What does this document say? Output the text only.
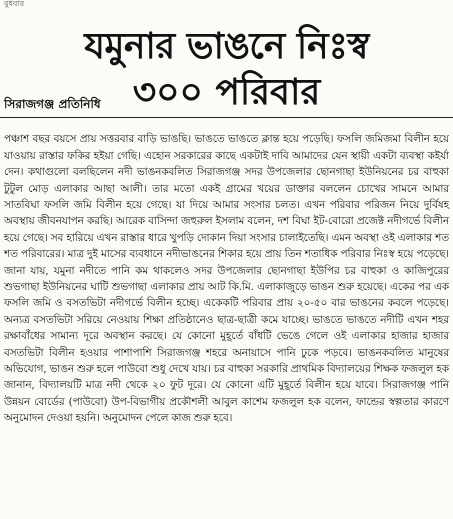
বুধবার
যমুনার ভাঙনে নিঃস্ব
৩০০ পরিবার
সিরাজগঞ্জ প্রতিনিধি

পঞ্চাশ বছর বয়সে প্রায় সত্তরবার বাড়ি ভাঙছি। ভাঙতে ভাঙতে ক্লান্ত হয়ে পড়েছি। ফসলি জমিজমা বিলীন হয়ে যাওয়ায় রাস্তার ফকির হইয়া গেছি। এহোন সরকারের কাছে একটাই দাবি আমাদের যেন স্থায়ী একটা ব্যবস্থা কইর্যা দেন। কথাগুলো বলছিলেন নদী ভাঙনকবলিত সিরাজগঞ্জ সদর উপজেলার ছোনগাছা ইউনিয়নের চর বাহুকা টুটুল মোড় এলাকার আছা আলী। তার মতো একই গ্রামের খয়ের ডাক্তার বললেন চোখের সামনে আমার সাতবিঘা ফসলি জমি বিলীন হয়ে গেছে। যা দিয়ে আমার সংসার চলত। এখন পরিবার পরিজন নিয়ে দুর্বিষহ অবস্থায় জীবনযাপন করছি। আরেক বাসিন্দা জহুরুল ইসলাম বলেন, দশ বিঘা ইট-বোরো প্রজেক্ট নদীগর্ভে বিলীন হয়ে গেছে। সব হারিয়ে এখন রাস্তার ধারে খুপড়ি দোকান দিয়া সংসার চালাইতেছি। এমন অবস্থা ওই এলাকার শত শত পরিবারের। মাত্র দুই মাসের ব্যবধানে নদীভাঙনের শিকার হয়ে প্রায় তিন শতাধিক পরিবার নিঃস্ব হয়ে পড়েছে। জানা যায়, যমুনা নদীতে পানি কম থাকলেও সদর উপজেলার ছোনগাছা ইউপির চর বাহুকা ও কাজিপুরের শুভগাছা ইউনিয়নের ঘাটি শুভগাছা এলাকার প্রায় আট কি.মি. এলাকাজুড়ে ভাঙন শুরু হয়েছে। একের পর এক ফসলি জমি ও বসতভিটা নদীগর্ভে বিলীন হচ্ছে। একেকটি পরিবার প্রায় ২০-৫০ বার ভাঙনের কবলে পড়েছে। অন্যত্র বসতভিটা সরিয়ে নেওয়ায় শিক্ষা প্রতিষ্ঠানেও ছাত্র-ছাত্রী কমে যাচ্ছে। ভাঙতে ভাঙতে নদীটি এখন শহর রক্ষাবাঁধের সামান্য দূরে অবস্থান করছে। যে কোনো মুহূর্তে বাঁধটি ভেঙে গেলে ওই এলাকার হাজার হাজার বসতভিটা বিলীন হওয়ার পাশাপাশি সিরাজগঞ্জ শহরে অনায়াসে পানি ঢুকে পড়বে। ভাঙনকবলিত মানুষের অভিযোগ, ভাঙন শুরু হলে পাউবো শুধু দেখে যায়। চর বাহুকা সরকারি প্রাথমিক বিদ্যালয়ের শিক্ষক ফজলুল হক জানান, বিদ্যালয়টি মাত্র নদী থেকে ২০ ফুট দূরে। যে কোনো এটি মুহূর্তে বিলীন হয়ে যাবে। সিরাজগঞ্জ পানি উন্নয়ন বোর্ডের (পাউবো) উপ-বিভাগীয় প্রকৌশলী আবুল কাশেম ফজলুল হক বলেন, ফান্ডের স্বল্পতার কারণে অনুমোদন দেওয়া হয়নি। অনুমোদন পেলে কাজ শুরু হবে।
